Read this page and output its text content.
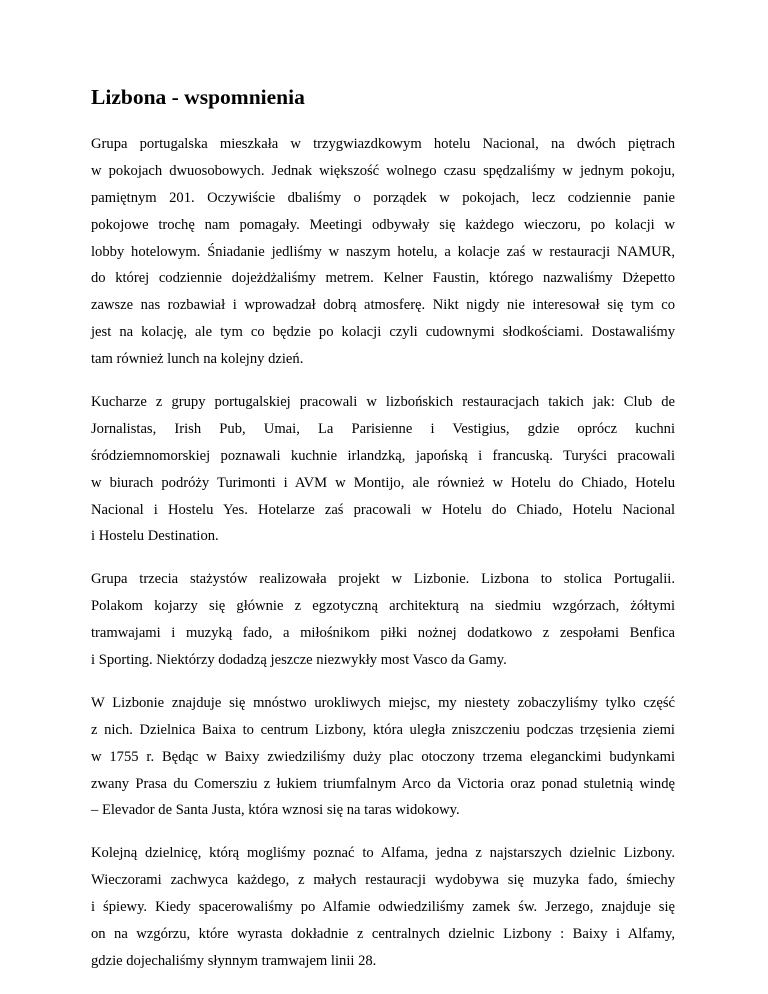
Lizbona - wspomnienia
Grupa portugalska mieszkała w trzygwiazdkowym hotelu Nacional, na dwóch piętrach
w pokojach dwuosobowych. Jednak większość wolnego czasu spędzaliśmy w jednym pokoju,
pamiętnym 201. Oczywiście dbaliśmy o porządek w pokojach, lecz codziennie panie
pokojowe trochę nam pomagały. Meetingi odbywały się każdego wieczoru, po kolacji w
lobby hotelowym. Śniadanie jedliśmy w naszym hotelu, a kolacje zaś w restauracji NAMUR,
do której codziennie dojeżdżaliśmy metrem. Kelner Faustin, którego nazwaliśmy Dżepetto
zawsze nas rozbawiał i wprowadzał dobrą atmosferę. Nikt nigdy nie interesował się tym co
jest na kolację, ale tym co będzie po kolacji czyli cudownymi słodkościami. Dostawaliśmy
tam również lunch na kolejny dzień.
Kucharze z grupy portugalskiej pracowali w lizbońskich restauracjach takich jak: Club de
Jornalistas, Irish Pub, Umai, La Parisienne i Vestigius, gdzie oprócz kuchni
śródziemnomorskiej poznawali kuchnie irlandzką, japońską i francuską. Turyści pracowali
w biurach podróży Turimonti i AVM w Montijo, ale również w Hotelu do Chiado, Hotelu
Nacional i Hostelu Yes. Hotelarze zaś pracowali w Hotelu do Chiado, Hotelu Nacional
i Hostelu Destination.
Grupa trzecia stażystów realizowała projekt w Lizbonie. Lizbona to stolica Portugalii.
Polakom kojarzy się głównie z egzotyczną architekturą na siedmiu wzgórzach, żółtymi
tramwajami i muzyką fado, a miłośnikom piłki nożnej dodatkowo z zespołami Benfica
i Sporting. Niektórzy dodadzą jeszcze niezwykły most Vasco da Gamy.
W Lizbonie znajduje się mnóstwo urokliwych miejsc, my niestety zobaczyliśmy tylko część
z nich. Dzielnica Baixa to centrum Lizbony, która uległa zniszczeniu podczas trzęsienia ziemi
w 1755 r. Będąc w Baixy zwiedziliśmy duży plac otoczony trzema eleganckimi budynkami
zwany Prasa du Comersziu z łukiem triumfalnym Arco da Victoria oraz ponad stuletnią windę
– Elevador de Santa Justa, która wznosi się na taras widokowy.
Kolejną dzielnicę, którą mogliśmy poznać to Alfama, jedna z najstarszych dzielnic Lizbony.
Wieczorami zachwyca każdego, z małych restauracji wydobywa się muzyka fado, śmiechy
i śpiewy. Kiedy spacerowaliśmy po Alfamie odwiedziliśmy zamek św. Jerzego, znajduje się
on na wzgórzu, które wyrasta dokładnie z centralnych dzielnic Lizbony : Baixy i Alfamy,
gdzie dojechaliśmy słynnym tramwajem linii 28.
